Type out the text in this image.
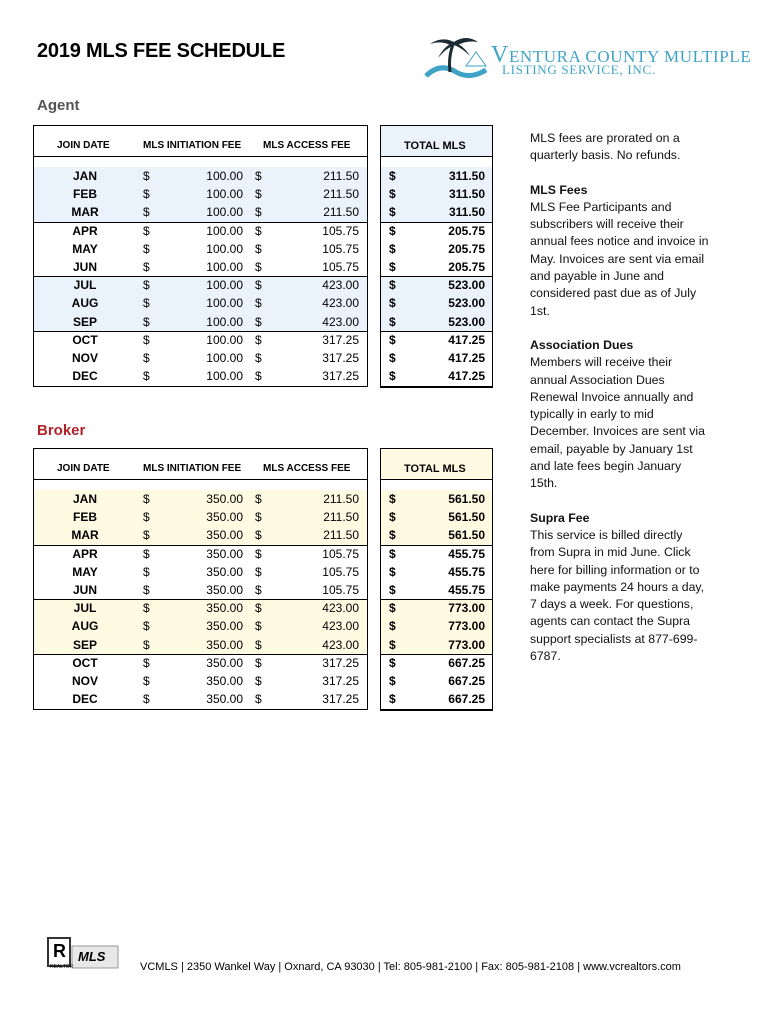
2019 MLS FEE SCHEDULE	VENTURA COUNTY MULTIPLE
LISTING SERVICE, INC.
Agent
JOIN DATE	MLS INITIATION FEE MLS ACCESS FEE	TOTAL MLS
JAN	$	100.00 $	211.50	$	311.50
FEB	$	100.00 $	211.50	$	311.50
MAR	$	100.00 $	211.50	$	311.50
APR	$	100.00 $	105.75	$	205.75
MAY	$	100.00 $	105.75	$	205.75
JUN	$	100.00 $	105.75	$	205.75
JUL	$	100.00 $	423.00	$	523.00
AUG	$	100.00 $	423.00	$	523.00
SEP	$	100.00 $	423.00	$	523.00
OCT	$	100.00 $	317.25	$	417.25
NOV	$	100.00 $	317.25	$	417.25
DEC	$	100.00 $	317.25	$	417.25
Broker
JOIN DATE	MLS INITIATION FEE MLS ACCESS FEE	TOTAL MLS
JAN	$	350.00 $	211.50	$	561.50
FEB	$	350.00 $	211.50	$	561.50
MAR	$	350.00 $	211.50	$	561.50
APR	$	350.00 $	105.75	$	455.75
MAY	$	350.00 $	105.75	$	455.75
JUN	$	350.00 $	105.75	$	455.75
JUL	$	350.00 $	423.00	$	773.00
AUG	$	350.00 $	423.00	$	773.00
SEP	$	350.00 $	423.00	$	773.00
OCT	$	350.00 $	317.25	$	667.25
NOV	$	350.00 $	317.25	$	667.25
DEC	$	350.00 $	317.25	$	667.25

MLS fees are prorated on a quarterly basis. No refunds.

MLS Fees

MLS Fee Participants and subscribers will receive their annual fees notice and invoice in May. Invoices are sent via email and payable in June and considered past due as of July 1st.

Association Dues

Members will receive their annual Association Dues Renewal Invoice annually and typically in early to mid December. Invoices are sent via email, payable by January 1st and late fees begin January 15th.

Supra Fee

This service is billed directly from Supra in mid June. Click here for billing information or to make payments 24 hours a day, 7 days a week. For questions, agents can contact the Supra support specialists at 877-699-6787.

R
REALTOR
MLS
VCMLS | 2350 Wankel Way | Oxnard, CA 93030 | Tel: 805-981-2100 | Fax: 805-981-2108 | www.vcrealtors.com
